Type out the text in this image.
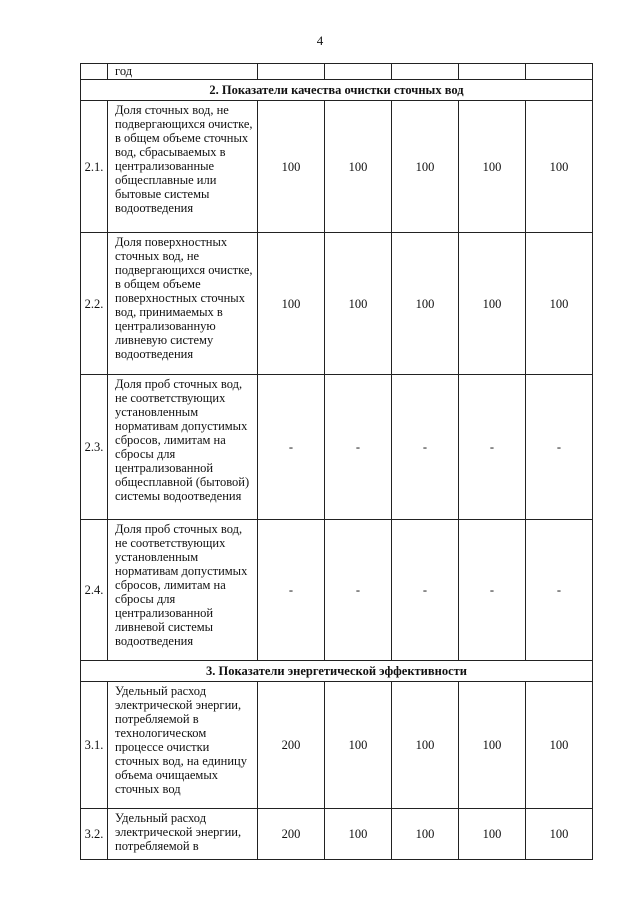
4
	год					
2. Показатели качества очистки сточных вод						
2.1.	Доля сточных вод, не подвергающихся очистке, в общем объеме сточных вод, сбрасываемых в централизованные общесплавные или бытовые системы водоотведения	100	100	100	100	100
2.2.	Доля поверхностных сточных вод, не подвергающихся очистке, в общем объеме поверхностных сточных вод, принимаемых в централизованную ливневую систему водоотведения	100	100	100	100	100
2.3.	Доля проб сточных вод, не соответствующих установленным нормативам допустимых сбросов, лимитам на сбросы для централизованной общесплавной (бытовой) системы водоотведения	-	-	-	-	-
2.4.	Доля проб сточных вод, не соответствующих установленным нормативам допустимых сбросов, лимитам на сбросы для централизованной ливневой системы водоотведения	-	-	-	-	-
3. Показатели энергетической эффективности						
3.1.	Удельный расход электрической энергии, потребляемой в технологическом процессе очистки сточных вод, на единицу объема очищаемых сточных вод	200	100	100	100	100
3.2.	Удельный расход электрической энергии, потребляемой в	200	100	100	100	100
